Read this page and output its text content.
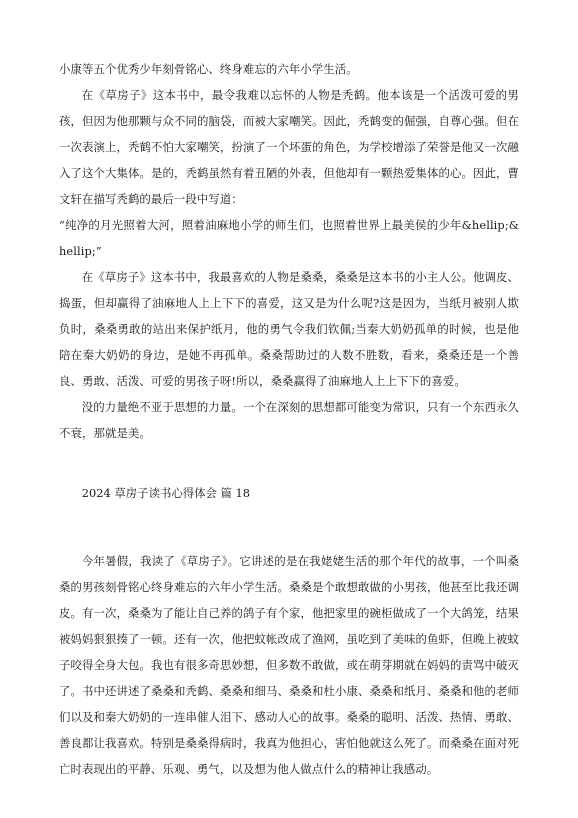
小康等五个优秀少年刻骨铭心、终身难忘的六年小学生活。

在《草房子》这本书中，最令我难以忘怀的人物是秃鹤。他本该是一个活泼可爱的男孩，但因为他那颗与众不同的脑袋，而被大家嘲笑。因此，秃鹤变的倔强，自尊心强。但在一次表演上，秃鹤不怕大家嘲笑，扮演了一个坏蛋的角色，为学校增添了荣誉是他又一次融入了这个大集体。是的，秃鹤虽然有着丑陋的外表，但他却有一颗热爱集体的心。因此，曹文轩在描写秃鹤的最后一段中写道：

“纯净的月光照着大河，照着油麻地小学的师生们，也照着世界上最美侯的少年&hellip;&hellip;”

在《草房子》这本书中，我最喜欢的人物是桑桑，桑桑是这本书的小主人公。他调皮、捣蛋，但却赢得了油麻地人上上下下的喜爱，这又是为什么呢?这是因为，当纸月被别人欺负时，桑桑勇敢的站出来保护纸月，他的勇气令我们钦佩;当秦大奶奶孤单的时候，也是他陪在秦大奶奶的身边，是她不再孤单。桑桑帮助过的人数不胜数，看来，桑桑还是一个善良、勇敢、活泼、可爱的男孩子呀!所以，桑桑赢得了油麻地人上上下下的喜爱。

没的力量绝不亚于思想的力量。一个在深刻的思想都可能变为常识，只有一个东西永久不衰，那就是美。

2024 草房子读书心得体会 篇 18

今年暑假，我读了《草房子》。它讲述的是在我姥姥生活的那个年代的故事，一个叫桑桑的男孩刻骨铭心终身难忘的六年小学生活。桑桑是个敢想敢做的小男孩，他甚至比我还调皮。有一次，桑桑为了能让自己养的鸽子有个家，他把家里的碗柜做成了一个大鸽笼，结果被妈妈狠狠揍了一顿。还有一次，他把蚊帐改成了渔网，虽吃到了美味的鱼虾，但晚上被蚊子咬得全身大包。我也有很多奇思妙想，但多数不敢做，或在萌芽期就在妈妈的责骂中破灭了。书中还讲述了桑桑和秃鹤、桑桑和细马、桑桑和杜小康、桑桑和纸月、桑桑和他的老师们以及和秦大奶奶的一连串催人泪下、感动人心的故事。桑桑的聪明、活泼、热情、勇敢、善良都让我喜欢。特别是桑桑得病时，我真为他担心，害怕他就这么死了。而桑桑在面对死亡时表现出的平静、乐观、勇气，以及想为他人做点什么的精神让我感动。
